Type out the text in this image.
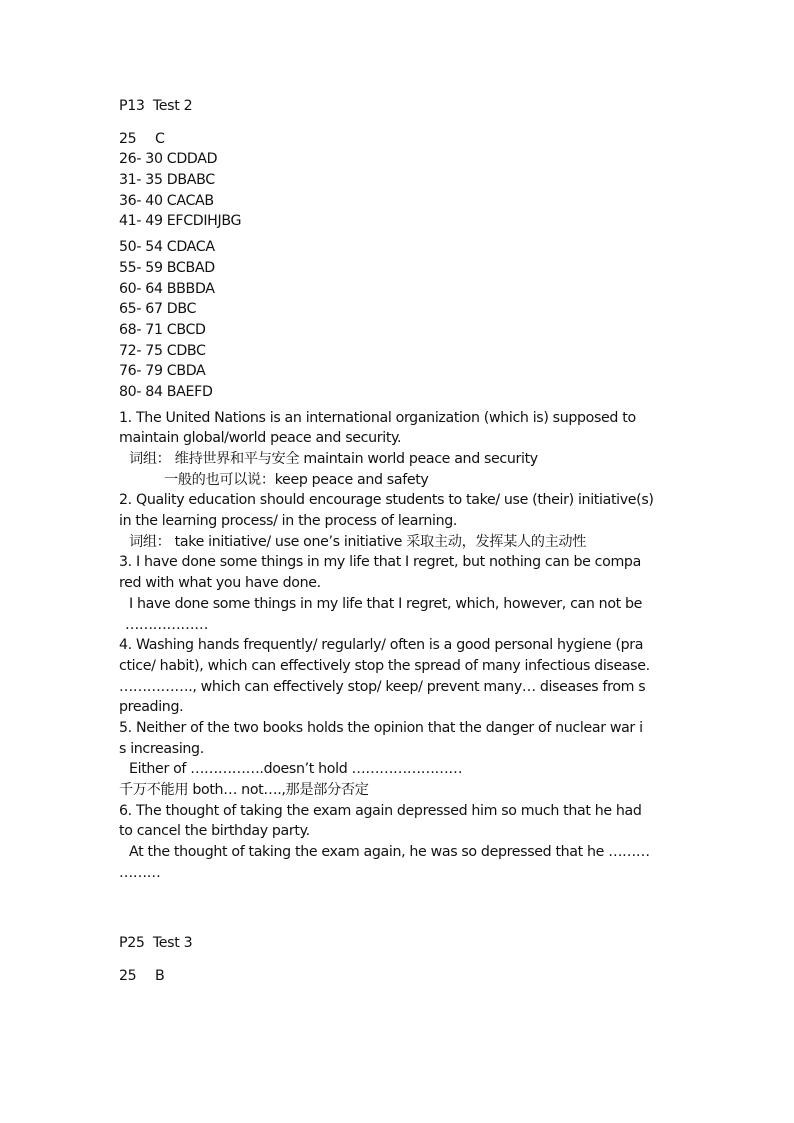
P13  Test 2
25 C
26- 30 CDDAD
31- 35 DBABC
36- 40 CACAB
41- 49 EFCDIHJBG
50- 54 CDACA
55- 59 BCBAD
60- 64 BBBDA
65- 67 DBC
68- 71 CBCD
72- 75 CDBC
76- 79 CBDA
80- 84 BAEFD
1. The United Nations is an international organization (which is) supposed to
maintain global/world peace and security.
词组： 维持世界和平与安全 maintain world peace and security
一般的也可以说：keep peace and safety
2. Quality education should encourage students to take/ use (their) initiative(s)
in the learning process/ in the process of learning.
词组： take initiative/ use one’s initiative 采取主动，发挥某人的主动性
3. I have done some things in my life that I regret, but nothing can be compa
red with what you have done.
I have done some things in my life that I regret, which, however, can not be
………………
4. Washing hands frequently/ regularly/ often is a good personal hygiene (pra
ctice/ habit), which can effectively stop the spread of many infectious disease.
……………., which can effectively stop/ keep/ prevent many… diseases from s
preading.
5. Neither of the two books holds the opinion that the danger of nuclear war i
s increasing.
Either of …………….doesn’t hold ……………………
千万不能用 both… not….,那是部分否定
6. The thought of taking the exam again depressed him so much that he had
to cancel the birthday party.
At the thought of taking the exam again, he was so depressed that he ………
………
P25  Test 3
25 B
